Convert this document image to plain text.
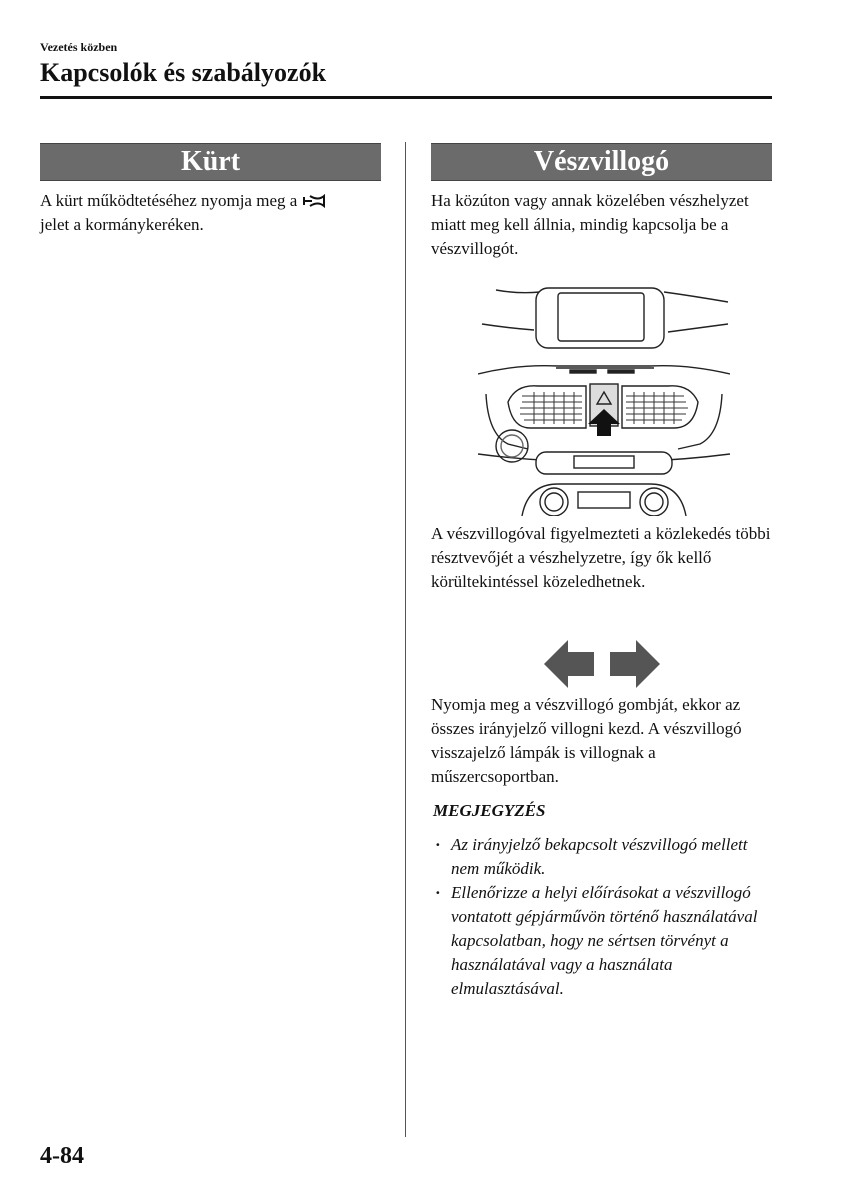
Vezetés közben
Kapcsolók és szabályozók
Kürt

A kürt működtetéséhez nyomja meg a
jelet a kormánykeréken.

Vészvillogó

Ha közúton vagy annak közelében vészhelyzet miatt meg kell állnia, mindig kapcsolja be a vészvillogót.

A vészvillogóval figyelmezteti a közlekedés többi résztvevőjét a vészhelyzetre, így ők kellő körültekintéssel közeledhetnek.

Nyomja meg a vészvillogó gombját, ekkor az összes irányjelző villogni kezd. A vészvillogó visszajelző lámpák is villognak a műszercsoportban.

MEGJEGYZÉS
· Az irányjelző bekapcsolt vészvillogó mellett nem működik.
· Ellenőrizze a helyi előírásokat a vészvillogó vontatott gépjárművön történő használatával kapcsolatban, hogy ne sértsen törvényt a használatával vagy a használata elmulasztásával.
4-84
